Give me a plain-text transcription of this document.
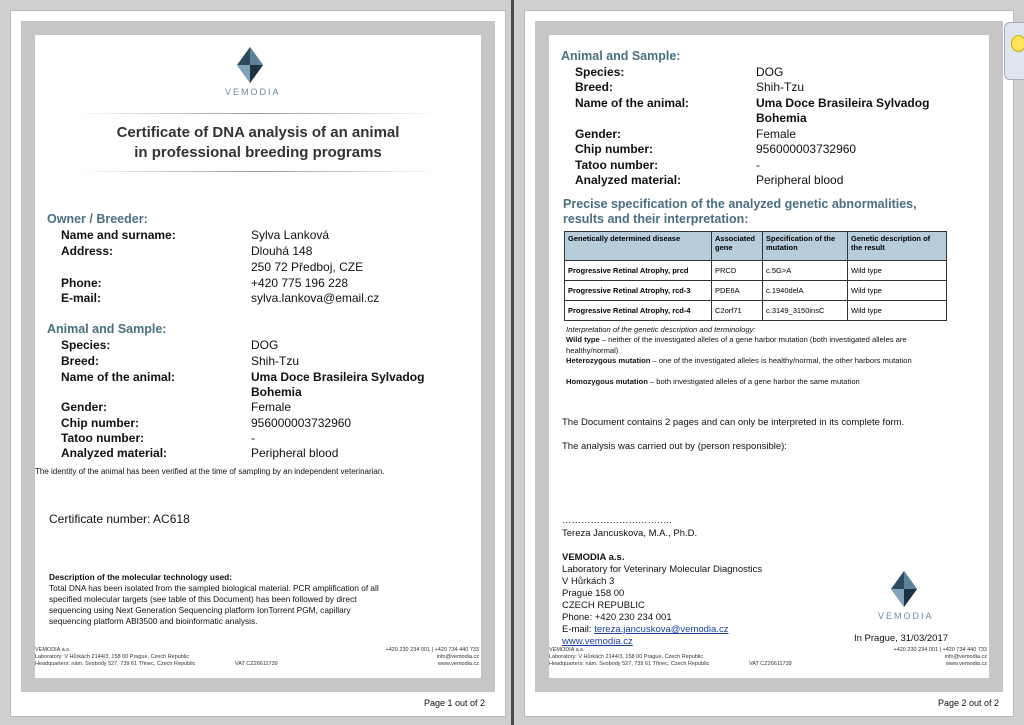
VEMODIA
Certificate of DNA analysis of an animal
in professional breeding programs
Owner / Breeder:
Name and surname:	Sylva Lanková
Address:	Dlouhá 148
250 72 Předboj, CZE
Phone:	+420 775 196 228
E-mail:	sylva.lankova@email.cz
Animal and Sample:
Species:	DOG
Breed:	Shih-Tzu
Name of the animal:	Uma Doce Brasileira Sylvadog
Bohemia
Gender:	Female
Chip number:	956000003732960
Tatoo number:	-
Analyzed material:	Peripheral blood
The identity of the animal has been verified at the time of sampling by an independent veterinarian.
Certificate number: AC618
Description of the molecular technology used:
Total DNA has been isolated from the sampled biological material. PCR amplification of all
specified molecular targets (see table of this Document) has been followed by direct
sequencing using Next Generation Sequencing platform IonTorrent PGM, capillary
sequencing platform ABI3500 and bioinformatic analysis.
VEMODIA a.s.
Laboratory: V Hůrkách 2144/3, 158 00 Prague, Czech Republic
Headquarters: nám. Svobody 527, 739 61 Třinec, Czech Republic	VAT CZ26611739
+420 230 234 001 | +420 734 440 733
info@vemodia.cz
www.vemodia.cz
Page 1 out of 2
Animal and Sample:
Species:	DOG
Breed:	Shih-Tzu
Name of the animal:	Uma Doce Brasileira Sylvadog
Bohemia
Gender:	Female
Chip number:	956000003732960
Tatoo number:	-
Analyzed material:	Peripheral blood
Precise specification of the analyzed genetic abnormalities,
results and their interpretation:
Genetically determined disease	Associated gene	Specification of the mutation	Genetic description of the result
Progressive Retinal Atrophy, prcd	PRCD	c.5G>A	Wild type
Progressive Retinal Atrophy, rcd-3	PDE6A	c.1940delA	Wild type
Progressive Retinal Atrophy, rcd-4	C2orf71	c.3149_3150insC	Wild type
Interpretation of the genetic description and terminology:
Wild type – neither of the investigated alleles of a gene harbor mutation (both investigated alleles are healthy/normal)
Heterozygous mutation – one of the investigated alleles is healthy/normal, the other harbors mutation
Homozygous mutation – both investigated alleles of a gene harbor the same mutation
The Document contains 2 pages and can only be interpreted in its complete form.
The analysis was carried out by (person responsible):
……………………………..
Tereza Jancuskova, M.A., Ph.D.
VEMODIA a.s.
Laboratory for Veterinary Molecular Diagnostics
V Hůrkách 3
Prague 158 00
CZECH REPUBLIC
Phone: +420 230 234 001
E-mail: tereza.jancuskova@vemodia.cz
www.vemodia.cz
VEMODIA
In Prague, 31/03/2017
VEMODIA a.s.
Laboratory: V Hůrkách 2144/3, 158 00 Prague, Czech Republic
Headquarters: nám. Svobody 527, 739 61 Třinec, Czech Republic	VAT CZ26611739
+420 230 234 001 | +420 734 440 733
info@vemodia.cz
www.vemodia.cz
Page 2 out of 2
